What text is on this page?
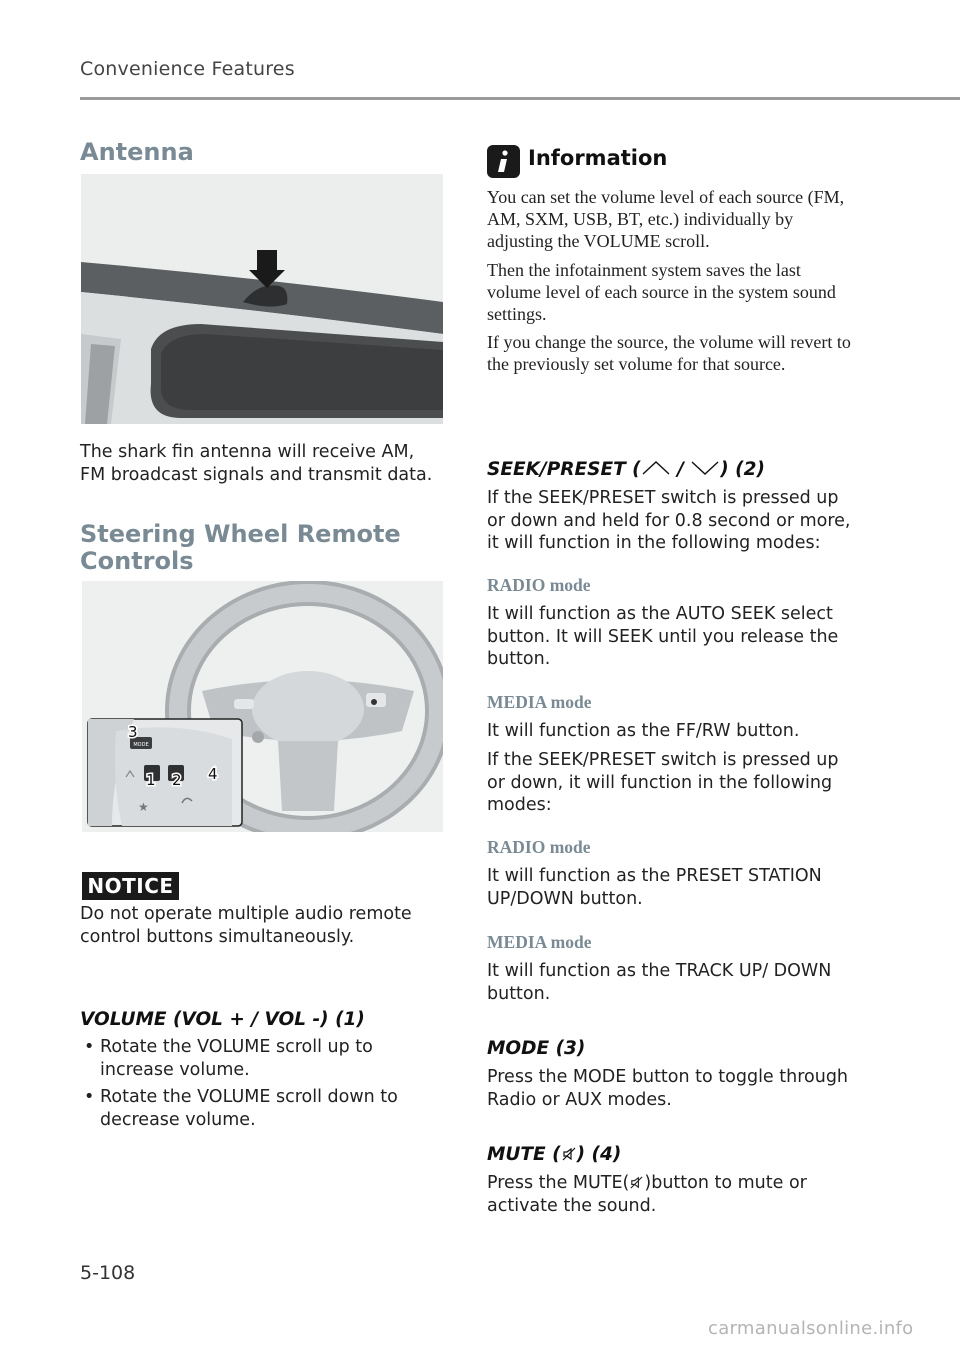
Convenience Features
Antenna

The shark fin antenna will receive AM, FM broadcast signals and transmit data.

Steering Wheel Remote
Controls
MODE
★
3
1 2 4
NOTICE

Do not operate multiple audio remote control buttons simultaneously.

VOLUME (VOL + / VOL -) (1)
• Rotate the VOLUME scroll up to increase volume.
• Rotate the VOLUME scroll down to decrease volume.
Information

You can set the volume level of each source (FM, AM, SXM, USB, BT, etc.) individually by adjusting the VOLUME scroll.

Then the infotainment system saves the last volume level of each source in the system sound settings.

If you change the source, the volume will revert to the previously set volume for that source.

SEEK/PRESET ( / ) (2)

If the SEEK/PRESET switch is pressed up or down and held for 0.8 second or more, it will function in the following modes:

RADIO mode

It will function as the AUTO SEEK select button. It will SEEK until you release the button.

MEDIA mode

It will function as the FF/RW button.

If the SEEK/PRESET switch is pressed up or down, it will function in the following modes:

RADIO mode

It will function as the PRESET STATION UP/DOWN button.

MEDIA mode

It will function as the TRACK UP/ DOWN button.

MODE (3)

Press the MODE button to toggle through Radio or AUX modes.

MUTE ( ) (4)

Press the MUTE( )button to mute or activate the sound.

5-108
carmanualsonline.info
